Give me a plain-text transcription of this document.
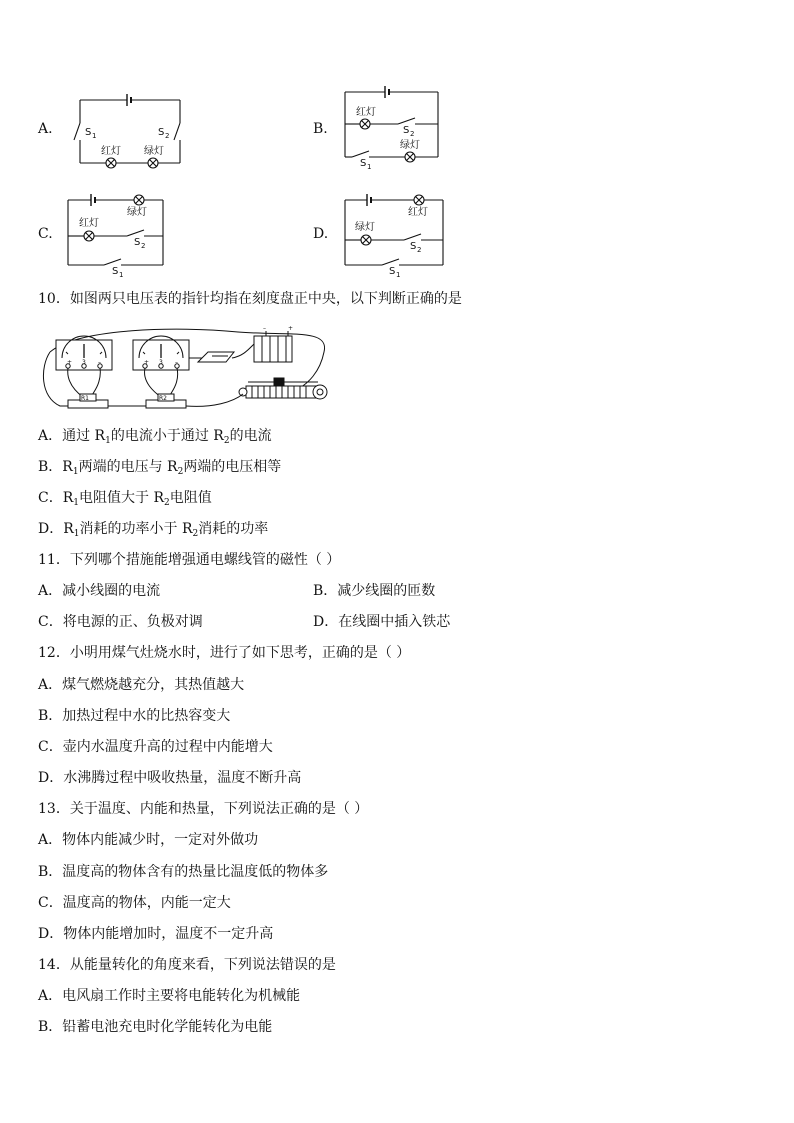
A.	B.
C.	D.
S 1	S 2
红灯 绿灯
红灯
S 2
绿灯
S 1
绿灯
红灯
S 2
S 1
红灯
绿灯
S 2
S 1
10．如图两只电压表的指针均指在刻度盘正中央，以下判断正确的是
+ 3 –	+ 3 –
R1	R2
–	+
A．通过 $R_1$的电流小于通过 $R_2$的电流
B．$R_1$两端的电压与 $R_2$两端的电压相等
C．$R_1$电阻值大于 $R_2$电阻值
D．$R_1$消耗的功率小于 $R_2$消耗的功率
11．下列哪个措施能增强通电螺线管的磁性（ ）
A．减小线圈的电流	B．减少线圈的匝数
C．将电源的正、负极对调	D．在线圈中插入铁芯
12．小明用煤气灶烧水时，进行了如下思考，正确的是（ ）
A．煤气燃烧越充分，其热值越大
B．加热过程中水的比热容变大
C．壶内水温度升高的过程中内能增大
D．水沸腾过程中吸收热量，温度不断升高
13．关于温度、内能和热量，下列说法正确的是（ ）
A．物体内能减少时，一定对外做功
B．温度高的物体含有的热量比温度低的物体多
C．温度高的物体，内能一定大
D．物体内能增加时，温度不一定升高
14．从能量转化的角度来看，下列说法错误的是
A．电风扇工作时主要将电能转化为机械能
B．铅蓄电池充电时化学能转化为电能
